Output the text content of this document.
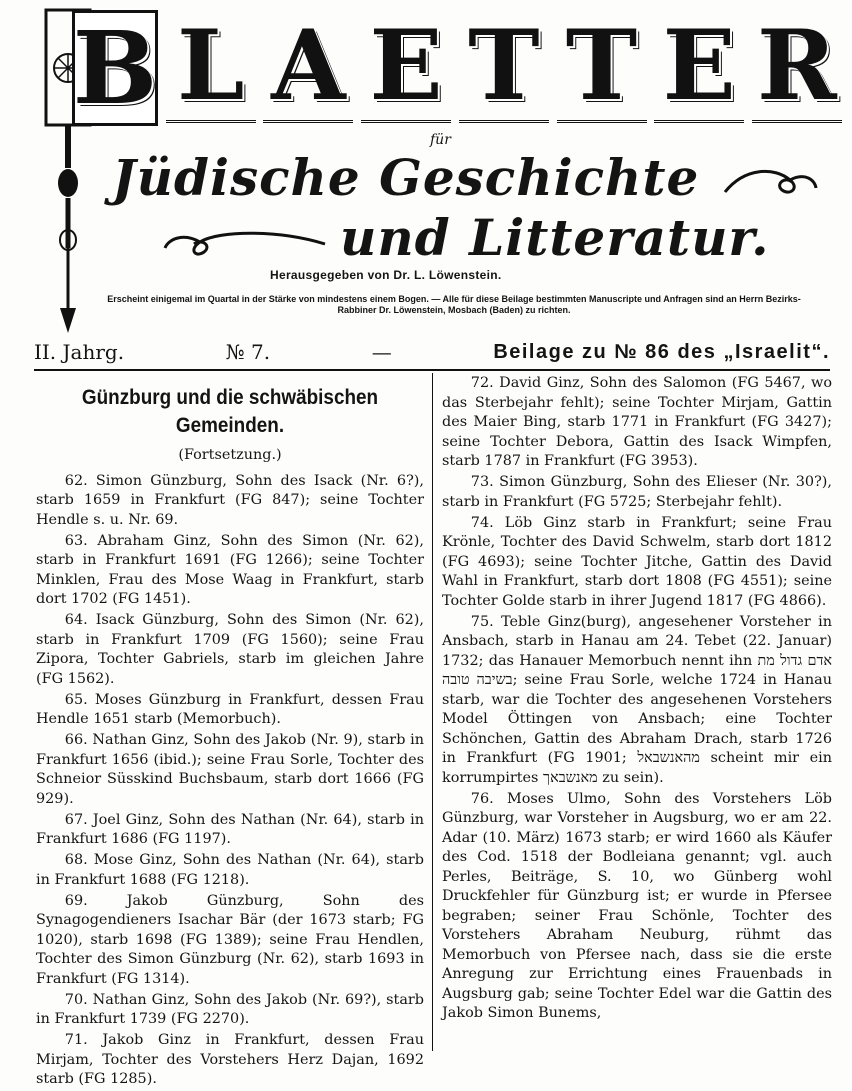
B L A E T T E R
für
Jüdische Geschichte
und Litteratur.
Herausgegeben von Dr. L. Löwenstein.
Erscheint einigemal im Quartal in der Stärke von mindestens einem Bogen. — Alle für diese Beilage bestimmten Manuscripte und Anfragen sind an Herrn Bezirks-Rabbiner Dr. Löwenstein, Mosbach (Baden) zu richten.
II. Jahrg.	№ 7.	—	Beilage zu № 86 des „Israelit“.
Günzburg und die schwäbischen Gemeinden.
(Fortsetzung.)

62. Simon Günzburg, Sohn des Isack (Nr. 6?), starb 1659 in Frankfurt (FG 847); seine Tochter Hendle s. u. Nr. 69.

63. Abraham Ginz, Sohn des Simon (Nr. 62), starb in Frankfurt 1691 (FG 1266); seine Tochter Minklen, Frau des Mose Waag in Frankfurt, starb dort 1702 (FG 1451).

64. Isack Günzburg, Sohn des Simon (Nr. 62), starb in Frankfurt 1709 (FG 1560); seine Frau Zipora, Tochter Gabriels, starb im gleichen Jahre (FG 1562).

65. Moses Günzburg in Frankfurt, dessen Frau Hendle 1651 starb (Memorbuch).

66. Nathan Ginz, Sohn des Jakob (Nr. 9), starb in Frankfurt 1656 (ibid.); seine Frau Sorle, Tochter des Schneior Süsskind Buchsbaum, starb dort 1666 (FG 929).

67. Joel Ginz, Sohn des Nathan (Nr. 64), starb in Frankfurt 1686 (FG 1197).

68. Mose Ginz, Sohn des Nathan (Nr. 64), starb in Frankfurt 1688 (FG 1218).

69. Jakob Günzburg, Sohn des Synagogendieners Isachar Bär (der 1673 starb; FG 1020), starb 1698 (FG 1389); seine Frau Hendlen, Tochter des Simon Günzburg (Nr. 62), starb 1693 in Frankfurt (FG 1314).

70. Nathan Ginz, Sohn des Jakob (Nr. 69?), starb in Frankfurt 1739 (FG 2270).

71. Jakob Ginz in Frankfurt, dessen Frau Mirjam, Tochter des Vorstehers Herz Dajan, 1692 starb (FG 1285).

72. David Ginz, Sohn des Salomon (FG 5467, wo das Sterbejahr fehlt); seine Tochter Mirjam, Gattin des Maier Bing, starb 1771 in Frankfurt (FG 3427); seine Tochter Debora, Gattin des Isack Wimpfen, starb 1787 in Frankfurt (FG 3953).

73. Simon Günzburg, Sohn des Elieser (Nr. 30?), starb in Frankfurt (FG 5725; Sterbejahr fehlt).

74. Löb Ginz starb in Frankfurt; seine Frau Krönle, Tochter des David Schwelm, starb dort 1812 (FG 4693); seine Tochter Jitche, Gattin des David Wahl in Frankfurt, starb dort 1808 (FG 4551); seine Tochter Golde starb in ihrer Jugend 1817 (FG 4866).

75. Teble Ginz(burg), angesehener Vorsteher in Ansbach, starb in Hanau am 24. Tebet (22. Januar) 1732; das Hanauer Memorbuch nennt ihn אדם גדול מת בשיבה טובה; seine Frau Sorle, welche 1724 in Hanau starb, war die Tochter des angesehenen Vorstehers Model Öttingen von Ansbach; eine Tochter Schönchen, Gattin des Abraham Drach, starb 1726 in Frankfurt (FG 1901; מהאנשבאל scheint mir ein korrumpirtes מאנשבאך zu sein).

76. Moses Ulmo, Sohn des Vorstehers Löb Günzburg, war Vorsteher in Augsburg, wo er am 22. Adar (10. März) 1673 starb; er wird 1660 als Käufer des Cod. 1518 der Bodleiana genannt; vgl. auch Perles, Beiträge, S. 10, wo Günberg wohl Druckfehler für Günzburg ist; er wurde in Pfersee begraben; seiner Frau Schönle, Tochter des Vorstehers Abraham Neuburg, rühmt das Memorbuch von Pfersee nach, dass sie die erste Anregung zur Errichtung eines Frauenbads in Augsburg gab; seine Tochter Edel war die Gattin des Jakob Simon Bunems,
